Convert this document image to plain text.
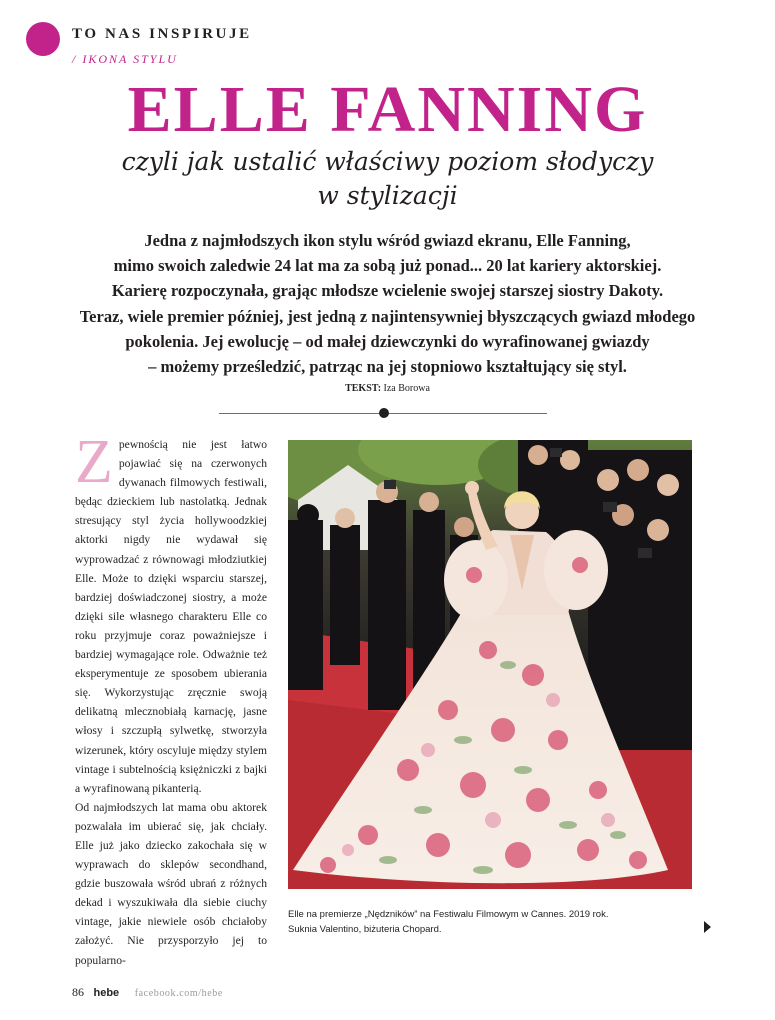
TO NAS INSPIRUJE
/ IKONA STYLU
ELLE FANNING
czyli jak ustalić właściwy poziom słodyczy
w stylizacji
Jedna z najmłodszych ikon stylu wśród gwiazd ekranu, Elle Fanning,
mimo swoich zaledwie 24 lat ma za sobą już ponad... 20 lat kariery aktorskiej.
Karierę rozpoczynała, grając młodsze wcielenie swojej starszej siostry Dakoty.
Teraz, wiele premier później, jest jedną z najintensywniej błyszczących gwiazd młodego
pokolenia. Jej ewolucję – od małej dziewczynki do wyrafinowanej gwiazdy
– możemy prześledzić, patrząc na jej stopniowo kształtujący się styl.
TEKST: Iza Borowa

Zpewnością nie jest łatwo pojawiać się na czerwonych dywanach filmowych festiwali, będąc dzieckiem lub nastolatką. Jednak stresujący styl życia hollywoodzkiej aktorki nigdy nie wydawał się wyprowadzać z równowagi młodziutkiej Elle. Może to dzięki wsparciu starszej, bardziej doświadczonej siostry, a może dzięki sile własnego charakteru Elle co roku przyjmuje coraz poważniejsze i bardziej wymagające role. Odważnie też eksperymentuje ze sposobem ubierania się. Wykorzystując zręcznie swoją delikatną mlecznobiałą karnację, jasne włosy i szczupłą sylwetkę, stworzyła wizerunek, który oscyluje między stylem vintage i subtelnością księżniczki z bajki a wyrafinowaną pikanterią.

Od najmłodszych lat mama obu aktorek pozwalała im ubierać się, jak chciały. Elle już jako dziecko zakochała się w wyprawach do sklepów secondhand, gdzie buszowała wśród ubrań z różnych dekad i wyszukiwała dla siebie ciuchy vintage, jakie niewiele osób chciałoby założyć. Nie przysporzyło jej to popularno-

Elle na premierze „Nędzników” na Festiwalu Filmowym w Cannes. 2019 rok.
Suknia Valentino, biżuteria Chopard.
86 hebe facebook.com/hebe
